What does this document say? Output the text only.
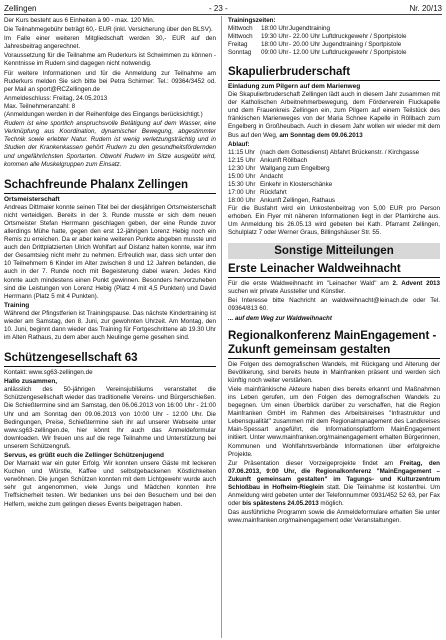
Zellingen	- 23 -	Nr. 20/13

Der Kurs besteht aus 6 Einheiten à 90 - max. 120 Min.

Die Teilnahmegebühr beträgt 60,- EUR (inkl. Versicherung über den BLSV).

Im Falle einer weiteren Mitgliedschaft werden 30,- EUR auf den Jahresbeitrag angerechnet.

Voraussetzung für die Teilnahme am Ruderkurs ist Schwimmen zu können - Kenntnisse im Rudern sind dagegen nicht notwendig.

Für weitere Informationen und für die Anmeldung zur Teilnahme am Ruderkurs melden Sie sich bitte bei Petra Schirmer: Tel.: 09364/3452 od. per Mail an sport@RCZellingen.de

Anmeldeschluss: Freitag, 24.05.2013

Max. Teilnehmeranzahl: 8

(Anmeldungen werden in der Reihenfolge des Eingangs berücksichtigt.)

Rudern ist eine sportlich anspruchsvolle Betätigung auf dem Wasser, eine Verknüpfung aus Koordination, dynamischer Bewegung, abgestimmter Technik sowie erlebter Natur. Rudern ist wenig verletzungsträchtig und in Studien der Krankenkassen gehört Rudern zu den gesundheitsfördernden und ungefährlichsten Sportarten. Obwohl Rudern im Sitze ausgeübt wird, kommen alle Muskelgruppen zum Einsatz.

Schachfreunde Phalanx Zellingen
Ortsmeisterschaft

Andreas Dittmaier konnte seinen Titel bei der diesjährigen Ortsmeisterschaft nicht verteidigen. Bereits in der 3. Runde musste er sich dem neuen Ortsmeister Stefan Herrmann geschlagen geben, der eine Runde zuvor allerdings Mühe hatte, gegen den erst 12-jährigen Lorenz Hebig noch ein Remis zu erreichen. Da er aber keine weiteren Punkte abgeben musste und auch den Drittplatzierten Ulrich Wohlfart auf Distanz halten konnte, war ihm der Gesamtsieg nicht mehr zu nehmen. Erfreulich war, dass sich unter den 10 Teilnehmern 6 Kinder im Alter zwischen 8 und 12 Jahren befanden, die auch in der 7. Runde noch mit Begeisterung dabei waren. Jedes Kind konnte auch mindestens einen Punkt gewinnen. Besonders hervorzuheben sind die Leistungen von Lorenz Hebig (Platz 4 mit 4,5 Punkten) und David Herrmann (Platz 5 mit 4 Punkten).

Training

Während der Pfingstferien ist Trainingspause. Das nächste Kindertraining ist wieder am Samstag, den 8. Juni, zur gewohnten Uhrzeit. Am Montag, den 10. Juni, beginnt dann wieder das Training für Fortgeschrittene ab 19.30 Uhr im Alten Rathaus, zu dem aber auch Neulinge gerne gesehen sind.

Schützengesellschaft 63

Kontakt: www.sg63-zellingen.de

Hallo zusammen,

anlässlich des 50-jährigen Vereinsjubiläums veranstaltet die Schützengesellschaft wieder das traditionelle Vereins- und Bürgerschießen. Die Schießtermine sind am Samstag, den 06.06.2013 von 16:00 Uhr - 21:00 Uhr und am Sonntag den 09.06.2013 von 10:00 Uhr - 12:00 Uhr. Die Bedingungen, Preise, Schießtermine sieh ihr auf unserer Webseite unter www.sg63-zellingen.de, hier könnt Ihr auch das Anmeldeformular downloaden. Wir freuen uns auf die rege Teilnahme und Unterstützung bei unserem Schützengruß.

Servus, es grüßt euch die Zellinger Schützenjugend

Der Marnakt war ein guter Erfolg. Wir konnten unsere Gäste mit leckeren Kuchen und Würstle, Kaffee und selbstgebackenen Köstlichkeiten verwöhnen. Die jungen Schützen konnten mit dem Lichtgewehr wurde auch sehr gut angenommen, viele Jungs und Mädchen konnten ihre Treffsicherheit testen. Wir bedanken uns bei den Besuchern und bei den Helfern, welche zum gelingen dieses Events beigetragen haben.

Trainingszeiten:
Mittwoch	18:00 Uhr	Jugendtraining
Mittwoch	19:30 Uhr	- 22.00 Uhr Luftdruckgewehr / Sportpistole
Freitag	18:00 Uhr	- 20.00 Uhr Jugendtraining / Sportpistole
Sonntag	09:00 Uhr	- 12.00 Uhr Luftdruckgewehr / Sportpistole
Skapulierbruderschaft
Einladung zum Pilgern auf dem Marienweg

Die Skapulierbruderschaft Zellingen lädt auch in diesem Jahr zusammen mit der Katholischen Arbeitnehmerbewegung, dem Förderverein Fluckapelle und dem Frauenkreis Zellingen ein, zum Pilgern auf einem Teilstück des fränkischen Marienweges von der Maria Schnee Kapelle in Röllbach zum Engelberg in Großheubach. Auch in diesem Jahr wollen wir wieder mit dem Bus auf den Weg, am Sonntag dem 09.06.2013

Ablauf:
11:15 Uhr	(nach dem Gottesdienst) Abfahrt Brückenstr. / Kirchgasse
12:15 Uhr	Ankunft Röllbach
12:30 Uhr	Wallgang zum Engelberg
15:00 Uhr	Andacht
15:30 Uhr	Einkehr in Klosterschänke
17:00 Uhr	Rückfahrt
18:00 Uhr	Ankunft Zellingen, Rathaus

Für die Busfahrt wird ein Unkostenbeitrag von 5,00 EUR pro Person erhoben. Ein Flyer mit näheren Informationen liegt in der Pfarrkirche aus. Um Anmeldung bis 26.05.13 wird gebeten bei Kath. Pfarramt Zellingen, Schulplatz 7 oder Werner Graus, Billingshäuser Str. 55.

Sonstige Mitteilungen
Erste Leinacher Waldweihnacht

Für die erste Waldweihnacht im "Leinacher Wald" am 2. Advent 2013 suchen wir private Aussteller und Künstler.

Bei Interesse bitte Nachricht an waldweihnacht@leinach.de oder Tel. 09364/813 60.

... auf dem Weg zur Waldweihnacht

Regionalkonferenz MainEngagement - Zukunft gemeinsam gestalten

Die Folgen des demografischen Wandels, mit Rückgang und Alterung der Bevölkerung, sind bereits heute in Mainfranken präsent und werden sich künftig noch weiter verstärken.

Viele mainfränkische Akteure haben dies bereits erkannt und Maßnahmen ins Leben gerufen, um den Folgen des demografischen Wandels zu begegnen. Um einen Überblick darüber zu verschaffen, hat die Region Mainfranken GmbH im Rahmen des Arbeitskreises "Infrastruktur und Lebensqualität" zusammen mit dem Regionalmanagement des Landkreises Main-Spessart angeführt, die Informationsplattform MainEngagement initiiert. Unter www.mainfranken.org/mainengagement erhalten Bürgerinnen, Kommunen und Wohlfahrtsverbände Informationen über erfolgreiche Projekte.

Zur Präsentation dieser Vorzeigeprojekte findet am Freitag, den 07.06.2013, 9:00 Uhr, die Regionalkonferenz "MainEngagement – Zukunft gemeinsam gestalten" im Tagungs- und Kulturzentrum Schloßbau in Hofheim-Rieglein statt. Die Teilnahme ist kostenfrei. Um Anmeldung wird gebeten unter der Telefonnummer 0931/452 52 63, per Fax oder bis spätestens 24.05.2013 möglich.

Das ausführliche Programm sowie die Anmeldeformulare erhalten Sie unter www.mainfranken.org/mainengagement oder Veranstaltungen.
